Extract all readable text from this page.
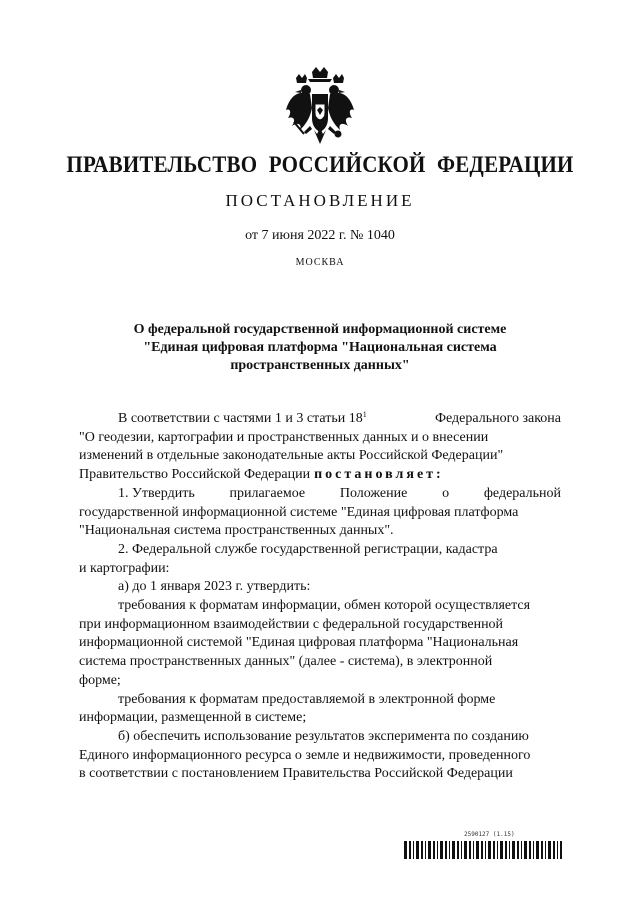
ПРАВИТЕЛЬСТВО РОССИЙСКОЙ ФЕДЕРАЦИИ
ПОСТАНОВЛЕНИЕ
от 7 июня 2022 г. № 1040
МОСКВА
О федеральной государственной информационной системе
"Единая цифровая платформа "Национальная система
пространственных данных"
В соответствии с частями 1 и 3 статьи $18^1$	Федерального закона
"О геодезии, картографии и пространственных данных и о внесении
изменений в отдельные законодательные акты Российской Федерации"
Правительство Российской Федерации постановляет:
1. Утвердить прилагаемое Положение о федеральной
государственной информационной системе "Единая цифровая платформа
"Национальная система пространственных данных".
2. Федеральной службе государственной регистрации, кадастра
и картографии:
а) до 1 января 2023 г. утвердить:
требования к форматам информации, обмен которой осуществляется
при информационном взаимодействии с федеральной государственной
информационной системой "Единая цифровая платформа "Национальная
система пространственных данных" (далее - система), в электронной
форме;
требования к форматам предоставляемой в электронной форме
информации, размещенной в системе;
б) обеспечить использование результатов эксперимента по созданию
Единого информационного ресурса о земле и недвижимости, проведенного
в соответствии с постановлением Правительства Российской Федерации
2590127 (1.15)
